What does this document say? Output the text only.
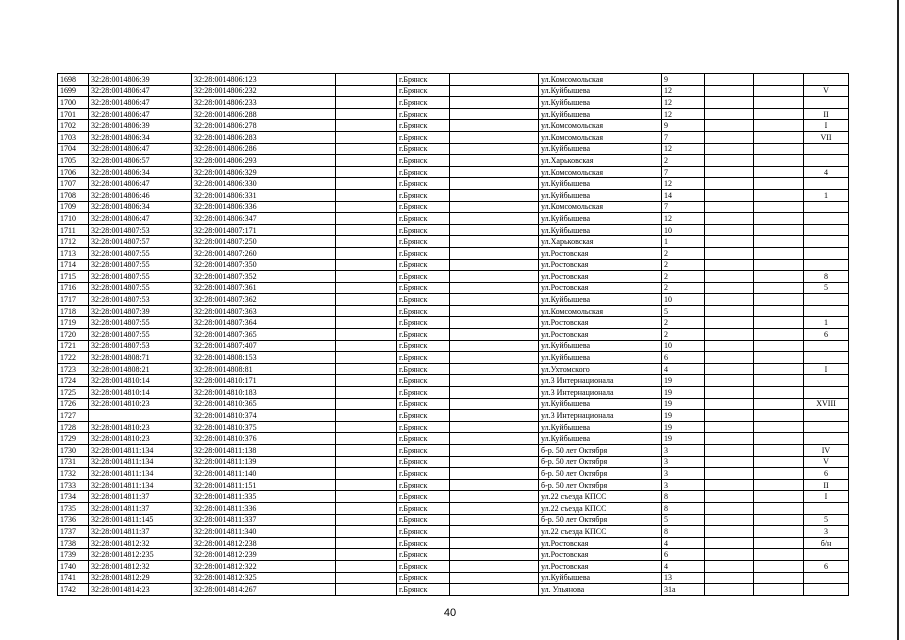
1698	32:28:0014806:39	32:28:0014806:123		г.Брянск		ул.Комсомольская	9			
1699	32:28:0014806:47	32:28:0014806:232		г.Брянск		ул.Куйбышева	12			V
1700	32:28:0014806:47	32:28:0014806:233		г.Брянск		ул.Куйбышева	12			
1701	32:28:0014806:47	32:28:0014806:288		г.Брянск		ул.Куйбышева	12			II
1702	32:28:0014806:39	32:28:0014806:278		г.Брянск		ул.Комсомольская	9			I
1703	32:28:0014806:34	32:28:0014806:283		г.Брянск		ул.Комсомольская	7			VII
1704	32:28:0014806:47	32:28:0014806:286		г.Брянск		ул.Куйбышева	12			
1705	32:28:0014806:57	32:28:0014806:293		г.Брянск		ул.Харьковская	2			
1706	32:28:0014806:34	32:28:0014806:329		г.Брянск		ул.Комсомольская	7			4
1707	32:28:0014806:47	32:28:0014806:330		г.Брянск		ул.Куйбышева	12			
1708	32:28:0014806:46	32:28:0014806:331		г.Брянск		ул.Куйбышева	14			1
1709	32:28:0014806:34	32:28:0014806:336		г.Брянск		ул.Комсомольская	7			
1710	32:28:0014806:47	32:28:0014806:347		г.Брянск		ул.Куйбышева	12			
1711	32:28:0014807:53	32:28:0014807:171		г.Брянск		ул.Куйбышева	10			
1712	32:28:0014807:57	32:28:0014807:250		г.Брянск		ул.Харьковская	1			
1713	32:28:0014807:55	32:28:0014807:260		г.Брянск		ул.Ростовская	2			
1714	32:28:0014807:55	32:28:0014807:350		г.Брянск		ул.Ростовская	2			
1715	32:28:0014807:55	32:28:0014807:352		г.Брянск		ул.Ростовская	2			8
1716	32:28:0014807:55	32:28:0014807:361		г.Брянск		ул.Ростовская	2			5
1717	32:28:0014807:53	32:28:0014807:362		г.Брянск		ул.Куйбышева	10			
1718	32:28:0014807:39	32:28:0014807:363		г.Брянск		ул.Комсомольская	5			
1719	32:28:0014807:55	32:28:0014807:364		г.Брянск		ул.Ростовская	2			1
1720	32:28:0014807:55	32:28:0014807:365		г.Брянск		ул.Ростовская	2			6
1721	32:28:0014807:53	32:28:0014807:407		г.Брянск		ул.Куйбышева	10			
1722	32:28:0014808:71	32:28:0014808:153		г.Брянск		ул.Куйбышева	6			
1723	32:28:0014808:21	32:28:0014808:81		г.Брянск		ул.Ухтомского	4			I
1724	32:28:0014810:14	32:28:0014810:171		г.Брянск		ул.3 Интернационала	19			
1725	32:28:0014810:14	32:28:0014810:183		г.Брянск		ул.3 Интернационала	19			
1726	32:28:0014810:23	32:28:0014810:365		г.Брянск		ул.Куйбышева	19			XVIII
1727		32:28:0014810:374		г.Брянск		ул.3 Интернационала	19			
1728	32:28:0014810:23	32:28:0014810:375		г.Брянск		ул.Куйбышева	19			
1729	32:28:0014810:23	32:28:0014810:376		г.Брянск		ул.Куйбышева	19			
1730	32:28:0014811:134	32:28:0014811:138		г.Брянск		б-р. 50 лет Октября	3			IV
1731	32:28:0014811:134	32:28:0014811:139		г.Брянск		б-р. 50 лет Октября	3			V
1732	32:28:0014811:134	32:28:0014811:140		г.Брянск		б-р. 50 лет Октября	3			6
1733	32:28:0014811:134	32:28:0014811:151		г.Брянск		б-р. 50 лет Октября	3			II
1734	32:28:0014811:37	32:28:0014811:335		г.Брянск		ул.22 съезда КПСС	8			I
1735	32:28:0014811:37	32:28:0014811:336		г.Брянск		ул.22 съезда КПСС	8			
1736	32:28:0014811:145	32:28:0014811:337		г.Брянск		б-р. 50 лет Октября	5			5
1737	32:28:0014811:37	32:28:0014811:340		г.Брянск		ул.22 съезда КПСС	8			3
1738	32:28:0014812:32	32:28:0014812:238		г.Брянск		ул.Ростовская	4			б/н
1739	32:28:0014812:235	32:28:0014812:239		г.Брянск		ул.Ростовская	6			
1740	32:28:0014812:32	32:28:0014812:322		г.Брянск		ул.Ростовская	4			6
1741	32:28:0014812:29	32:28:0014812:325		г.Брянск		ул.Куйбышева	13			
1742	32:28:0014814:23	32:28:0014814:267		г.Брянск		ул. Ульянова	31а			
40
